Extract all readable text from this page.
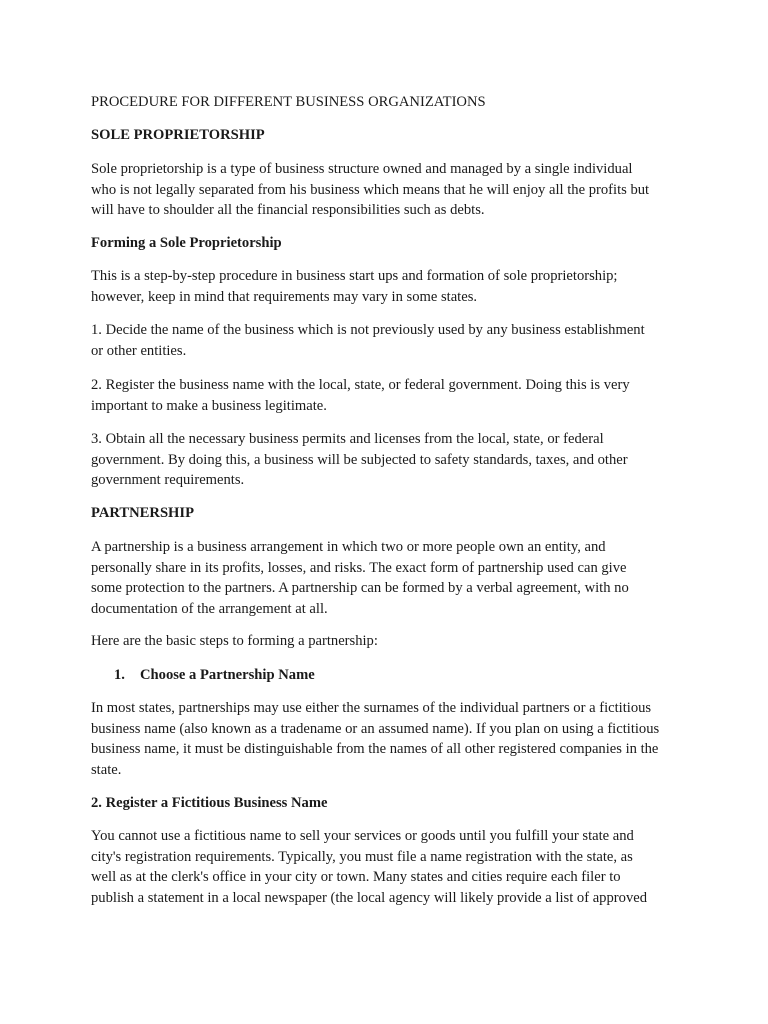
PROCEDURE FOR DIFFERENT BUSINESS ORGANIZATIONS

SOLE PROPRIETORSHIP

Sole proprietorship is a type of business structure owned and managed by a single individual
who is not legally separated from his business which means that he will enjoy all the profits but
will have to shoulder all the financial responsibilities such as debts.

Forming a Sole Proprietorship

This is a step-by-step procedure in business start ups and formation of sole proprietorship;
however, keep in mind that requirements may vary in some states.

1. Decide the name of the business which is not previously used by any business establishment
or other entities.

2. Register the business name with the local, state, or federal government. Doing this is very
important to make a business legitimate.

3. Obtain all the necessary business permits and licenses from the local, state, or federal
government. By doing this, a business will be subjected to safety standards, taxes, and other
government requirements.

PARTNERSHIP

A partnership is a business arrangement in which two or more people own an entity, and
personally share in its profits, losses, and risks. The exact form of partnership used can give
some protection to the partners. A partnership can be formed by a verbal agreement, with no
documentation of the arrangement at all.

Here are the basic steps to forming a partnership:

1. Choose a Partnership Name

In most states, partnerships may use either the surnames of the individual partners or a fictitious
business name (also known as a tradename or an assumed name). If you plan on using a fictitious
business name, it must be distinguishable from the names of all other registered companies in the
state.

2. Register a Fictitious Business Name

You cannot use a fictitious name to sell your services or goods until you fulfill your state and
city's registration requirements. Typically, you must file a name registration with the state, as
well as at the clerk's office in your city or town. Many states and cities require each filer to
publish a statement in a local newspaper (the local agency will likely provide a list of approved
